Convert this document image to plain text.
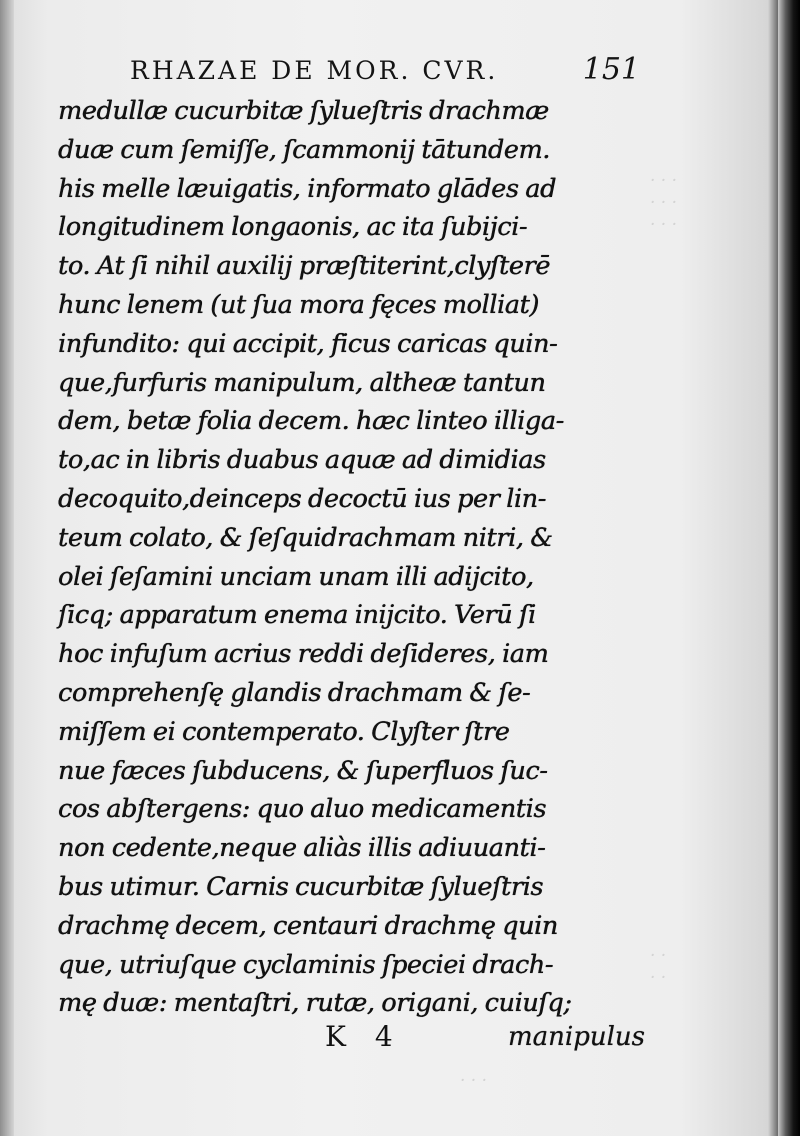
· · ·
· · ·
· · ·
· ·
· ·
· · ·
RHAZAE DE MOR. CVR.	151
medullæ cucurbitæ ſylueſtris drachmæ
duæ cum ſemiſſe, ſcammonij tātundem.
his melle læuigatis, informato glādes ad
longitudinem longaonis, ac ita ſubijci-
to. At ſi nihil auxilij præſtiterint,clyſterē
hunc lenem (ut ſua mora fęces molliat)
infundito: qui accipit, ficus caricas quin-
que,furfuris manipulum, altheæ tantun
dem, betæ folia decem. hæc linteo illiga-
to,ac in libris duabus aquæ ad dimidias
decoquito,deinceps decoctū ius per lin-
teum colato, & ſeſquidrachmam nitri, &
olei ſeſamini unciam unam illi adijcito,
ſicq; apparatum enema inijcito. Verū ſi
hoc infuſum acrius reddi deſideres, iam
comprehenſę glandis drachmam & ſe-
miſſem ei contemperato. Clyſter ſtre
nue fæces ſubducens, & ſuperfluos ſuc-
cos abſtergens: quo aluo medicamentis
non cedente,neque aliàs illis adiuuanti-
bus utimur. Carnis cucurbitæ ſylueſtris
drachmę decem, centauri drachmę quin
que, utriuſque cyclaminis ſpeciei drach-
mę duæ: mentaſtri, rutæ, origani, cuiuſq;
K 4	manipulus
